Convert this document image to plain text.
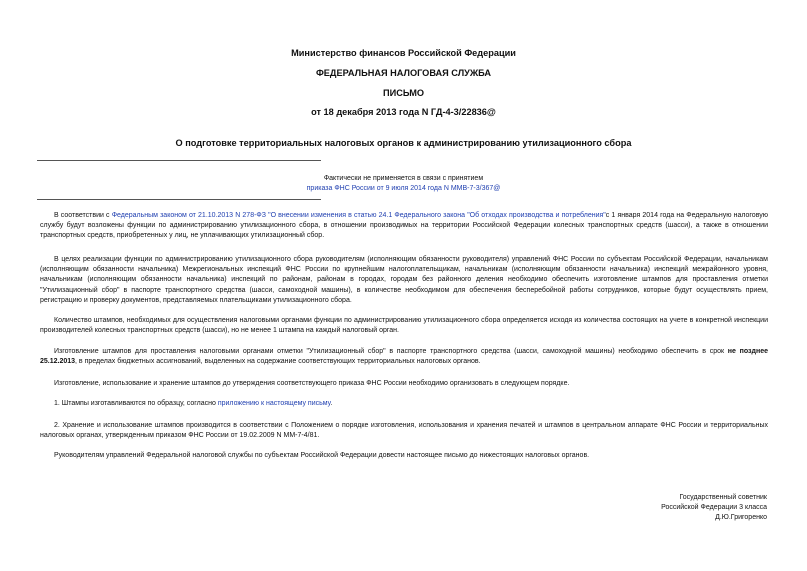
Министерство финансов Российской Федерации
ФЕДЕРАЛЬНАЯ НАЛОГОВАЯ СЛУЖБА
ПИСЬМО
от 18 декабря 2013 года N ГД-4-3/22836@
О подготовке территориальных налоговых органов к администрированию утилизационного сбора
Фактически не применяется в связи с принятием
приказа ФНС России от 9 июля 2014 года N ММВ-7-3/367@

В соответствии с Федеральным законом от 21.10.2013 N 278-ФЗ "О внесении изменения в статью 24.1 Федерального закона "Об отходах производства и потребления"с 1 января 2014 года на Федеральную налоговую службу будут возложены функции по администрированию утилизационного сбора, в отношении производимых на территории Российской Федерации колесных транспортных средств (шасси), а также в отношении транспортных средств, приобретенных у лиц, не уплачивающих утилизационный сбор.

В целях реализации функции по администрированию утилизационного сбора руководителям (исполняющим обязанности руководителя) управлений ФНС России по субъектам Российской Федерации, начальникам (исполняющим обязанности начальника) Межрегиональных инспекций ФНС России по крупнейшим налогоплательщикам, начальникам (исполняющим обязанности начальника) инспекций межрайонного уровня, начальникам (исполняющим обязанности начальника) инспекций по районам, районам в городах, городам без районного деления необходимо обеспечить изготовление штампов для проставления отметки "Утилизационный сбор" в паспорте транспортного средства (шасси, самоходной машины), в количестве необходимом для обеспечения бесперебойной работы сотрудников, которые будут осуществлять прием, регистрацию и проверку документов, представляемых плательщиками утилизационного сбора.

Количество штампов, необходимых для осуществления налоговыми органами функции по администрированию утилизационного сбора определяется исходя из количества состоящих на учете в конкретной инспекции производителей колесных транспортных средств (шасси), но не менее 1 штампа на каждый налоговый орган.

Изготовление штампов для проставления налоговыми органами отметки "Утилизационный сбор" в паспорте транспортного средства (шасси, самоходной машины) необходимо обеспечить в срок не позднее 25.12.2013, в пределах бюджетных ассигнований, выделенных на содержание соответствующих территориальных налоговых органов.

Изготовление, использование и хранение штампов до утверждения соответствующего приказа ФНС России необходимо организовать в следующем порядке.

1. Штампы изготавливаются по образцу, согласно приложению к настоящему письму.

2. Хранение и использование штампов производится в соответствии с Положением о порядке изготовления, использования и хранения печатей и штампов в центральном аппарате ФНС России и территориальных налоговых органах, утвержденным приказом ФНС России от 19.02.2009 N ММ-7-4/81.

Руководителям управлений Федеральной налоговой службы по субъектам Российской Федерации довести настоящее письмо до нижестоящих налоговых органов.

Государственный советник
Российской Федерации 3 класса
Д.Ю.Григоренко
